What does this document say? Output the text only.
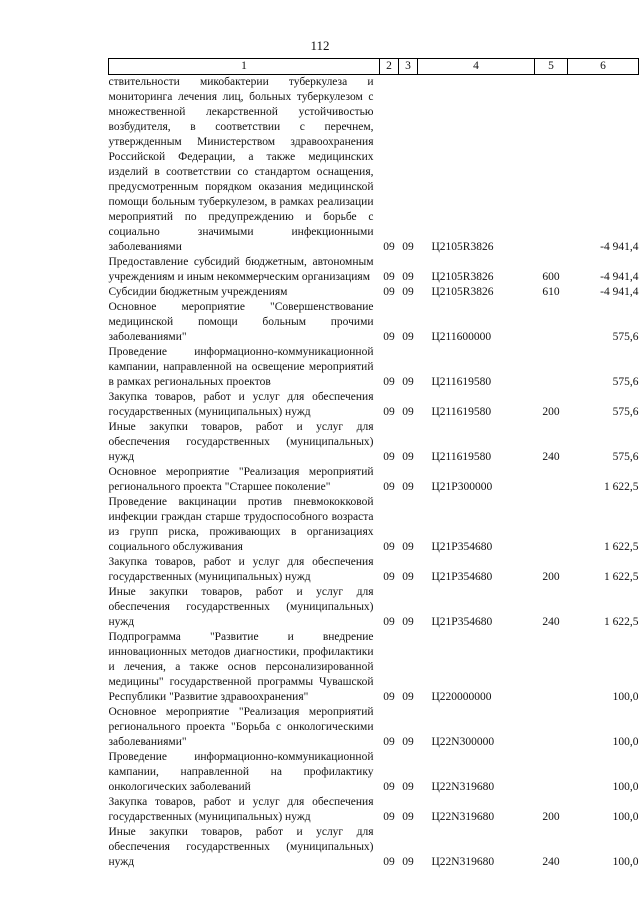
112
1	2	3	4	5	6
ствительности микобактерии туберкулеза и мониторинга лечения лиц, больных туберкулезом с множественной лекарственной устойчивостью возбудителя, в соответствии с перечнем, утвержденным Министерством здравоохранения Российской Федерации, а также медицинских изделий в соответствии со стандартом оснащения, предусмотренным порядком оказания медицинской помощи больным туберкулезом, в рамках реализации мероприятий по предупреждению и борьбе с социально значимыми инфекционными заболеваниями	09	09	Ц2105R3826		-4 941,4
Предоставление субсидий бюджетным, автономным учреждениям и иным некоммерческим организациям	09	09	Ц2105R3826	600	-4 941,4
Субсидии бюджетным учреждениям	09	09	Ц2105R3826	610	-4 941,4
Основное мероприятие "Совершенствование медицинской помощи больным прочими заболеваниями"	09	09	Ц211600000		575,6
Проведение информационно-коммуникационной кампании, направленной на освещение мероприятий в рамках региональных проектов	09	09	Ц211619580		575,6
Закупка товаров, работ и услуг для обеспечения государственных (муниципальных) нужд	09	09	Ц211619580	200	575,6
Иные закупки товаров, работ и услуг для обеспечения государственных (муниципальных) нужд	09	09	Ц211619580	240	575,6
Основное мероприятие "Реализация мероприятий регионального проекта "Старшее поколение"	09	09	Ц21Р300000		1 622,5
Проведение вакцинации против пневмококковой инфекции граждан старше трудоспособного возраста из групп риска, проживающих в организациях социального обслуживания	09	09	Ц21Р354680		1 622,5
Закупка товаров, работ и услуг для обеспечения государственных (муниципальных) нужд	09	09	Ц21Р354680	200	1 622,5
Иные закупки товаров, работ и услуг для обеспечения государственных (муниципальных) нужд	09	09	Ц21Р354680	240	1 622,5
Подпрограмма "Развитие и внедрение инновационных методов диагностики, профилактики и лечения, а также основ персонализированной медицины" государственной программы Чувашской Республики "Развитие здравоохранения"	09	09	Ц220000000		100,0
Основное мероприятие "Реализация мероприятий регионального проекта "Борьба с онкологическими заболеваниями"	09	09	Ц22N300000		100,0
Проведение информационно-коммуникационной кампании, направленной на профилактику онкологических заболеваний	09	09	Ц22N319680		100,0
Закупка товаров, работ и услуг для обеспечения государственных (муниципальных) нужд	09	09	Ц22N319680	200	100,0
Иные закупки товаров, работ и услуг для обеспечения государственных (муниципальных) нужд	09	09	Ц22N319680	240	100,0
